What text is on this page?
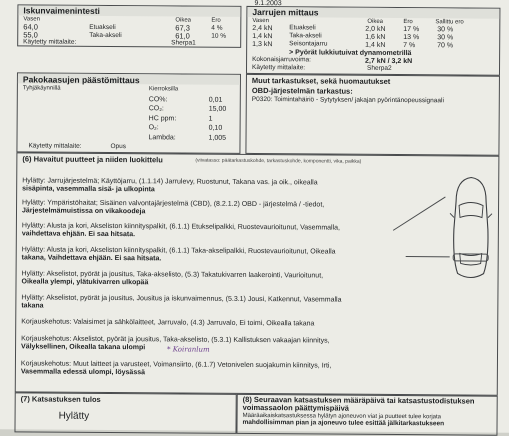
9.1.2003
Iskunvaimenintesti
Vasen	Oikea	Ero
64,0	Etuakseli	67,3	4 %
55,0	Taka-akseli	61,0	10 %
Käytetty mittalaite:	Sherpa1
Jarrujen mittaus
Vasen	Oikea	Ero	Sallittu ero
2,4 kN	Etuakseli	2,0 kN	17 %	30 %
1,4 kN	Taka-akseli	1,6 kN	13 %	30 %
1,3 kN	Seisontajarru	1,4 kN	7 %	70 %
> Pyörät lukkiutuivat dynamometrillä
Kokonaisjarruvoima:	2,7 kN / 3,2 kN
Käytetty mittalaite:	Sherpa2
Pakokaasujen päästömittaus
Tyhjäkäynnillä	Kierroksilla
CO%:	0,01
CO₂:	15,00
HC ppm:	1
O₂:	0,10
Lambda:	1,005
Käytetty mittalaite:	Opus
Muut tarkastukset, sekä huomautukset
OBD-järjestelmän tarkastus:
P0320: Toimintahäiriö - Sytytyksen/ jakajan pyörintänopeussignaali
(6) Havaitut puutteet ja niiden luokittelu	(viivatasso: päätarkastuskohde, tarkastuskohde, komponentti, vika, paikka)
Hylätty: Jarrujärjestelmä; Käyttöjarru, (1.1.14) Jarrulevy, Ruostunut, Takana vas. ja oik., oikealla
sisäpinta, vasemmalla sisä- ja ulkopinta
Hylätty: Ympäristöhaitat; Sisäinen valvontajärjestelmä (CBD), (8.2.1.2) OBD - järjestelmä / -tiedot,
Järjestelmämuistissa on vikakoodeja
Hylätty: Alusta ja kori, Akseliston kiinnityspalkit, (6.1.1) Etukselipalkki, Ruostevaurioitunut, Vasemmalla,
vaihdettava ehjään. Ei saa hitsata.
Hylätty: Alusta ja kori, Akseliston kiinnityspalkit, (6.1.1) Taka-akselipalkki, Ruostevaurioitunut, Oikealla
takana, Vaihdettava ehjään. Ei saa hitsata.
Hylätty: Akselistot, pyörät ja jousitus, Taka-akselisto, (5.3) Takatukivarren laakerointi, Vaurioitunut,
Oikealla ylempi, ylätukivarren ulkopää
Hylätty: Akselistot, pyörät ja jousitus, Jousitus ja iskunvaimennus, (5.3.1) Jousi, Katkennut, Vasemmalla
takana
Korjauskehotus: Valaisimet ja sähkölaitteet, Jarruvalo, (4.3) Jarruvalo, Ei toimi, Oikealla takana
Korjauskehotus: Akselistot, pyörät ja jousitus, Taka-akselisto, (5.3.1) Kallistuksen vakaajan kiinnitys,
Välyksellinen, Oikealla takana ulompi	* Koiranlum
Korjauskehotus: Muut laitteet ja varusteet, Voimansiirto, (6.1.7) Vetonivelen suojakumin kiinnitys, Irti,
Vasemmalla edessä ulompi, löysässä
(7) Katsastuksen tulos
Hylätty
(8) Seuraavan katsastuksen määräpäivä tai katsastustodistuksen
voimassaolon päättymispäivä
Määräaikaiskatsastuksessa hylätyn ajoneuvon viat ja puutteet tulee korjata
mahdollisimman pian ja ajoneuvo tulee esittää jälkitarkastukseen
